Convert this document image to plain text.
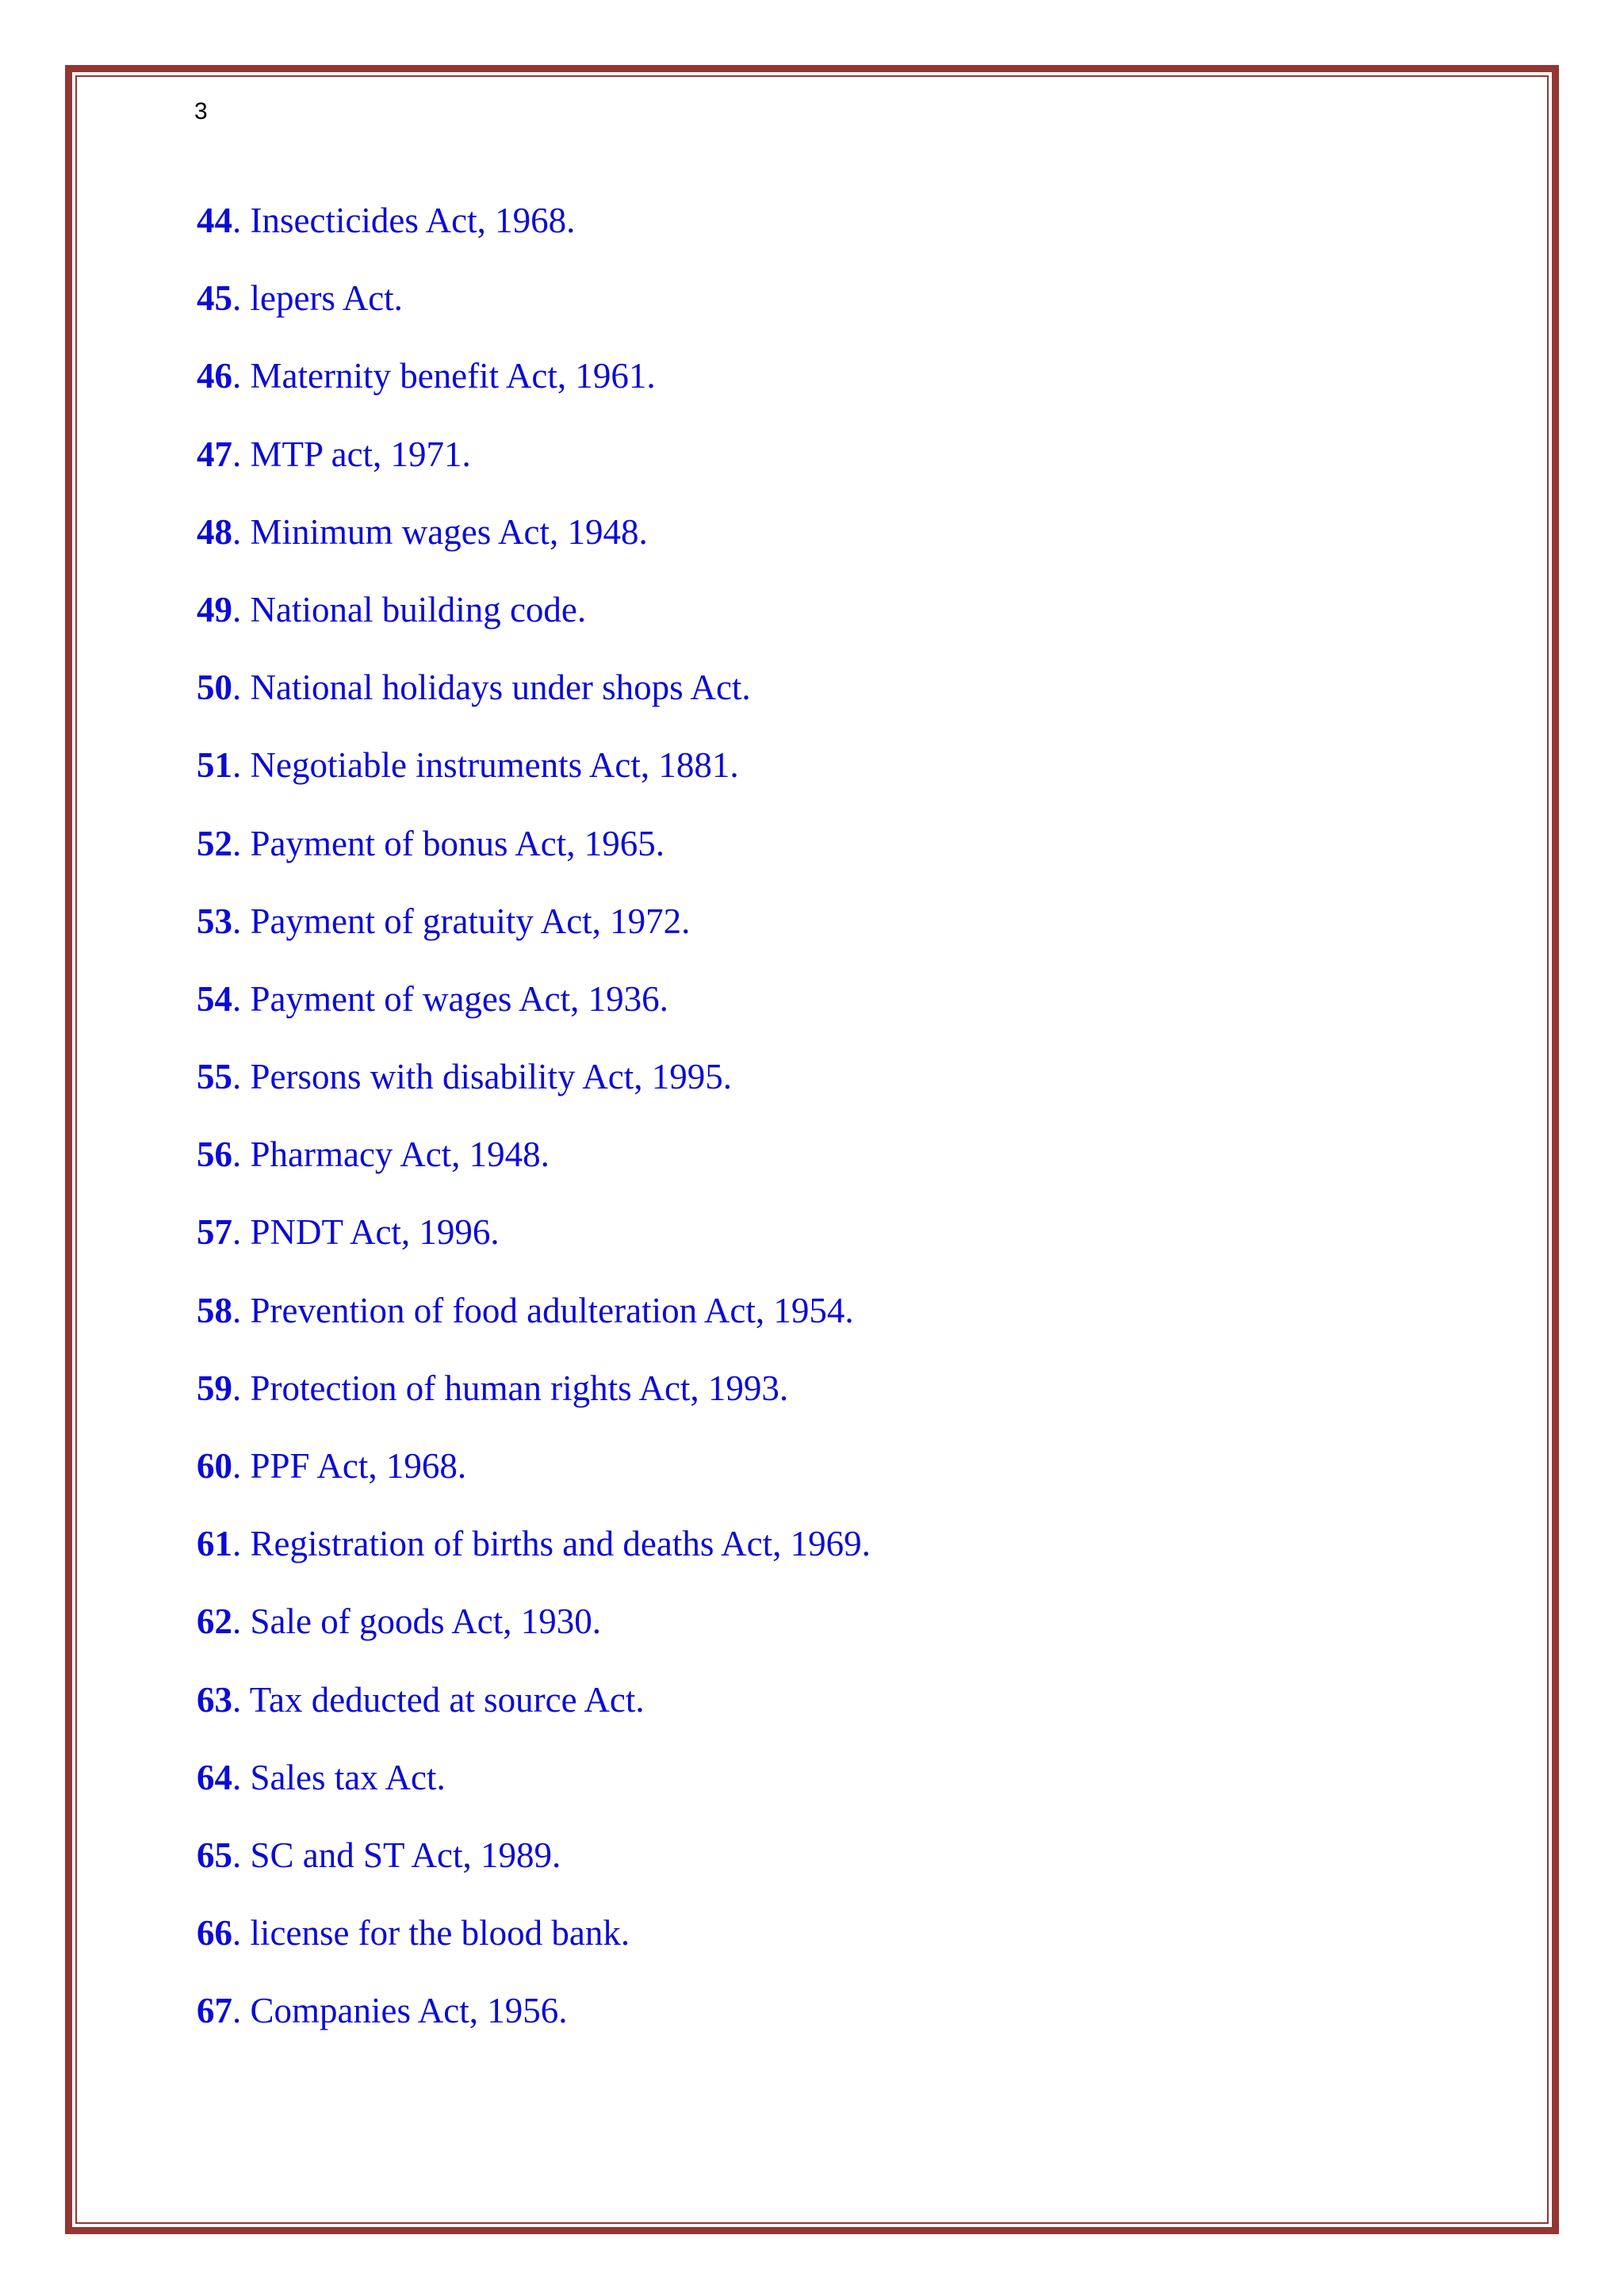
3
44. Insecticides Act, 1968.
45. lepers Act.
46. Maternity benefit Act, 1961.
47. MTP act, 1971.
48. Minimum wages Act, 1948.
49. National building code.
50. National holidays under shops Act.
51. Negotiable instruments Act, 1881.
52. Payment of bonus Act, 1965.
53. Payment of gratuity Act, 1972.
54. Payment of wages Act, 1936.
55. Persons with disability Act, 1995.
56. Pharmacy Act, 1948.
57. PNDT Act, 1996.
58. Prevention of food adulteration Act, 1954.
59. Protection of human rights Act, 1993.
60. PPF Act, 1968.
61. Registration of births and deaths Act, 1969.
62. Sale of goods Act, 1930.
63. Tax deducted at source Act.
64. Sales tax Act.
65. SC and ST Act, 1989.
66. license for the blood bank.
67. Companies Act, 1956.
